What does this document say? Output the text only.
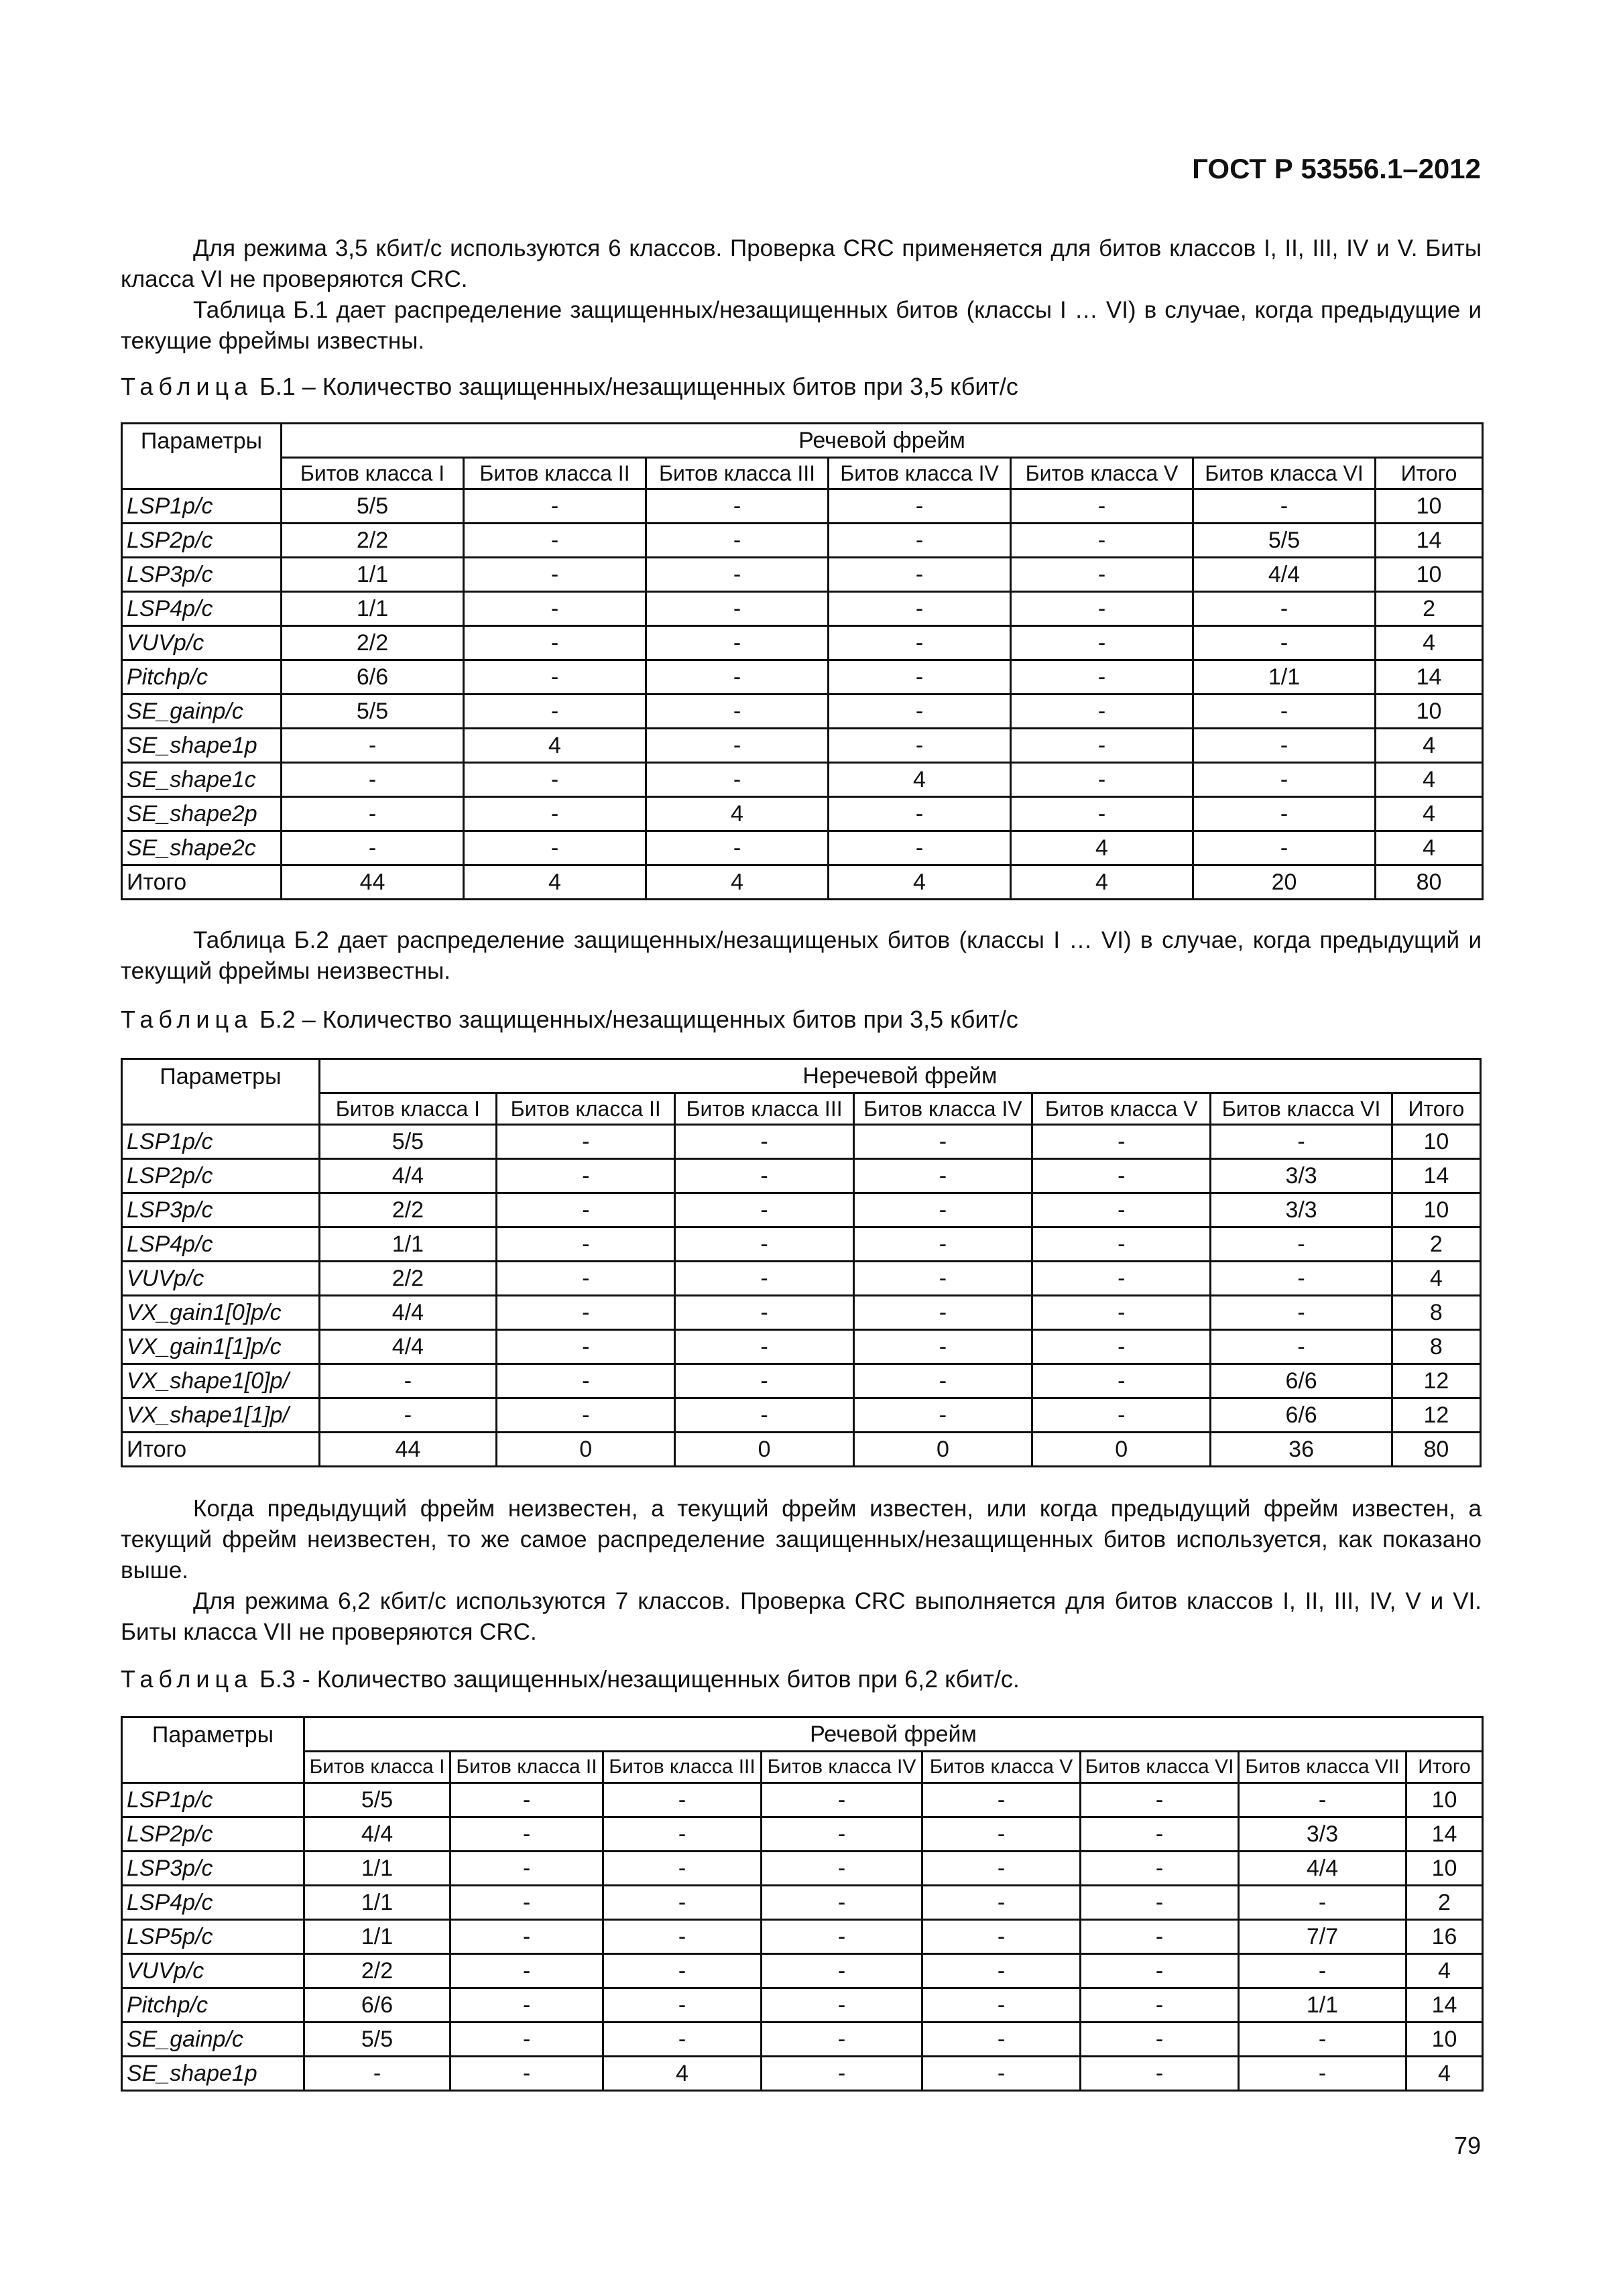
ГОСТ Р 53556.1–2012
Для режима 3,5 кбит/с используются 6 классов. Проверка CRC применяется для битов классов I, II, III, IV и V. Биты класса VI не проверяются CRC.
Таблица Б.1 дает распределение защищенных/незащищенных битов (классы I … VI) в случае, когда предыдущие и текущие фреймы известны.
Таблица Б.1 – Количество защищенных/незащищенных битов при 3,5 кбит/с
Параметры	Речевой фрейм						
	Битов класса I	Битов класса II	Битов класса III	Битов класса IV	Битов класса V	Битов класса VI	Итого
LSP1p/c	5/5	-	-	-	-	-	10
LSP2p/c	2/2	-	-	-	-	5/5	14
LSP3p/c	1/1	-	-	-	-	4/4	10
LSP4p/c	1/1	-	-	-	-	-	2
VUVp/c	2/2	-	-	-	-	-	4
Pitchp/c	6/6	-	-	-	-	1/1	14
SE_gainp/c	5/5	-	-	-	-	-	10
SE_shape1p	-	4	-	-	-	-	4
SE_shape1c	-	-	-	4	-	-	4
SE_shape2p	-	-	4	-	-	-	4
SE_shape2c	-	-	-	-	4	-	4
Итого	44	4	4	4	4	20	80
Таблица Б.2 дает распределение защищенных/незащищеных битов (классы I … VI) в случае, когда предыдущий и текущий фреймы неизвестны.
Таблица Б.2 – Количество защищенных/незащищенных битов при 3,5 кбит/с
Параметры	Неречевой фрейм						
	Битов класса I	Битов класса II	Битов класса III	Битов класса IV	Битов класса V	Битов класса VI	Итого
LSP1p/c	5/5	-	-	-	-	-	10
LSP2p/c	4/4	-	-	-	-	3/3	14
LSP3p/c	2/2	-	-	-	-	3/3	10
LSP4p/c	1/1	-	-	-	-	-	2
VUVp/c	2/2	-	-	-	-	-	4
VX_gain1[0]p/c	4/4	-	-	-	-	-	8
VX_gain1[1]p/c	4/4	-	-	-	-	-	8
VX_shape1[0]p/	-	-	-	-	-	6/6	12
VX_shape1[1]p/	-	-	-	-	-	6/6	12
Итого	44	0	0	0	0	36	80
Когда предыдущий фрейм неизвестен, а текущий фрейм известен, или когда предыдущий фрейм известен, а текущий фрейм неизвестен, то же самое распределение защищенных/незащищенных битов используется, как показано выше.
Для режима 6,2 кбит/с используются 7 классов. Проверка CRC выполняется для битов классов I, II, III, IV, V и VI. Биты класса VII не проверяются CRC.
Таблица Б.3 - Количество защищенных/незащищенных битов при 6,2 кбит/с.
Параметры	Речевой фрейм							
	Битов класса I	Битов класса II	Битов класса III	Битов класса IV	Битов класса V	Битов класса VI	Битов класса VII	Итого
LSP1p/c	5/5	-	-	-	-	-	-	10
LSP2p/c	4/4	-	-	-	-	-	3/3	14
LSP3p/c	1/1	-	-	-	-	-	4/4	10
LSP4p/c	1/1	-	-	-	-	-	-	2
LSP5p/c	1/1	-	-	-	-	-	7/7	16
VUVp/c	2/2	-	-	-	-	-	-	4
Pitchp/c	6/6	-	-	-	-	-	1/1	14
SE_gainp/c	5/5	-	-	-	-	-	-	10
SE_shape1p	-	-	4	-	-	-	-	4
79
